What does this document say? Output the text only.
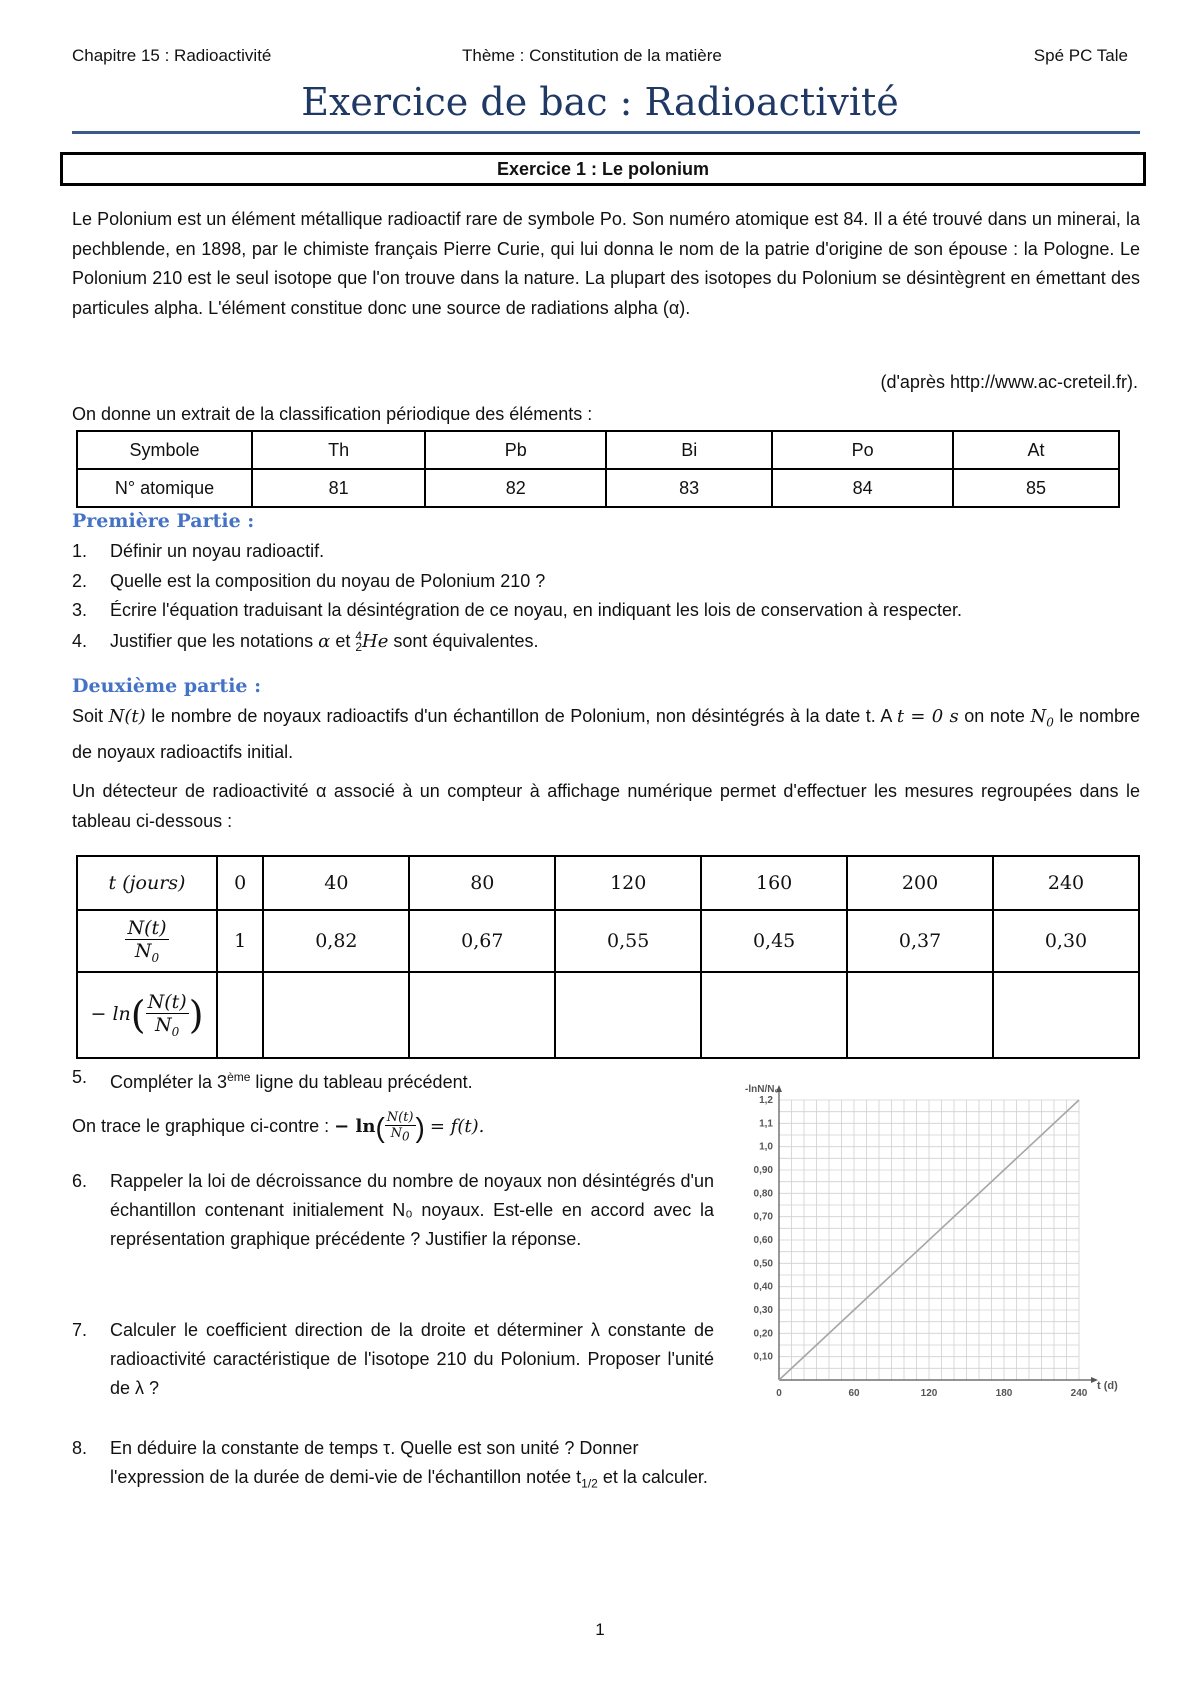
Chapitre 15 : Radioactivité	Thème : Constitution de la matière	Spé PC Tale
Exercice de bac : Radioactivité
Exercice 1 : Le polonium
Le Polonium est un élément métallique radioactif rare de symbole Po. Son numéro atomique est 84. Il a été trouvé dans un minerai, la pechblende, en 1898, par le chimiste français Pierre Curie, qui lui donna le nom de la patrie d'origine de son épouse : la Pologne. Le Polonium 210 est le seul isotope que l'on trouve dans la nature. La plupart des isotopes du Polonium se désintègrent en émettant des particules alpha. L'élément constitue donc une source de radiations alpha (α).
(d'après http://www.ac-creteil.fr).
On donne un extrait de la classification périodique des éléments :
Symbole	Th	Pb	Bi	Po	At
N° atomique	81	82	83	84	85
Première Partie :
1.	Définir un noyau radioactif.
2.	Quelle est la composition du noyau de Polonium 210 ?
3.	Écrire l'équation traduisant la désintégration de ce noyau, en indiquant les lois de conservation à respecter.
4.	Justifier que les notations α et 4
2 He sont équivalentes.
Deuxième partie :
Soit N(t) le nombre de noyaux radioactifs d'un échantillon de Polonium, non désintégrés à la date t. A t = 0 s on note $N_0$ le nombre de noyaux radioactifs initial.
Un détecteur de radioactivité α associé à un compteur à affichage numérique permet d'effectuer les mesures regroupées dans le tableau ci-dessous :
t (jours)	0	40	80	120	160	200	240

$\frac{N(t)}{N_0}$	1	0,82	0,67	0,55	0,45	0,37	0,30
− $\ln( \frac{N(t)}{N_0}$ )							
5.	Compléter la 3ème ligne du tableau précédent.
On trace le graphique ci-contre : − $\ln( \frac{N(t)}{N_0}$ ) = f(t).
6.	Rappeler la loi de décroissance du nombre de noyaux non désintégrés d'un échantillon contenant initialement N₀ noyaux. Est-elle en accord avec la représentation graphique précédente ? Justifier la réponse.
7.	Calculer le coefficient direction de la droite et déterminer λ constante de radioactivité caractéristique de l'isotope 210 du Polonium. Proposer l'unité de λ ?
8.	En déduire la constante de temps τ. Quelle est son unité ? Donner
l'expression de la durée de demi-vie de l'échantillon notée $t_{1/2}$ et la calculer.
0	60	120	180	240
0,10
0,20
0,30
0,40
0,50
0,60
0,70
0,80
0,90
1,0
1,1
1,2
-lnN/N₀
t (d)
1
